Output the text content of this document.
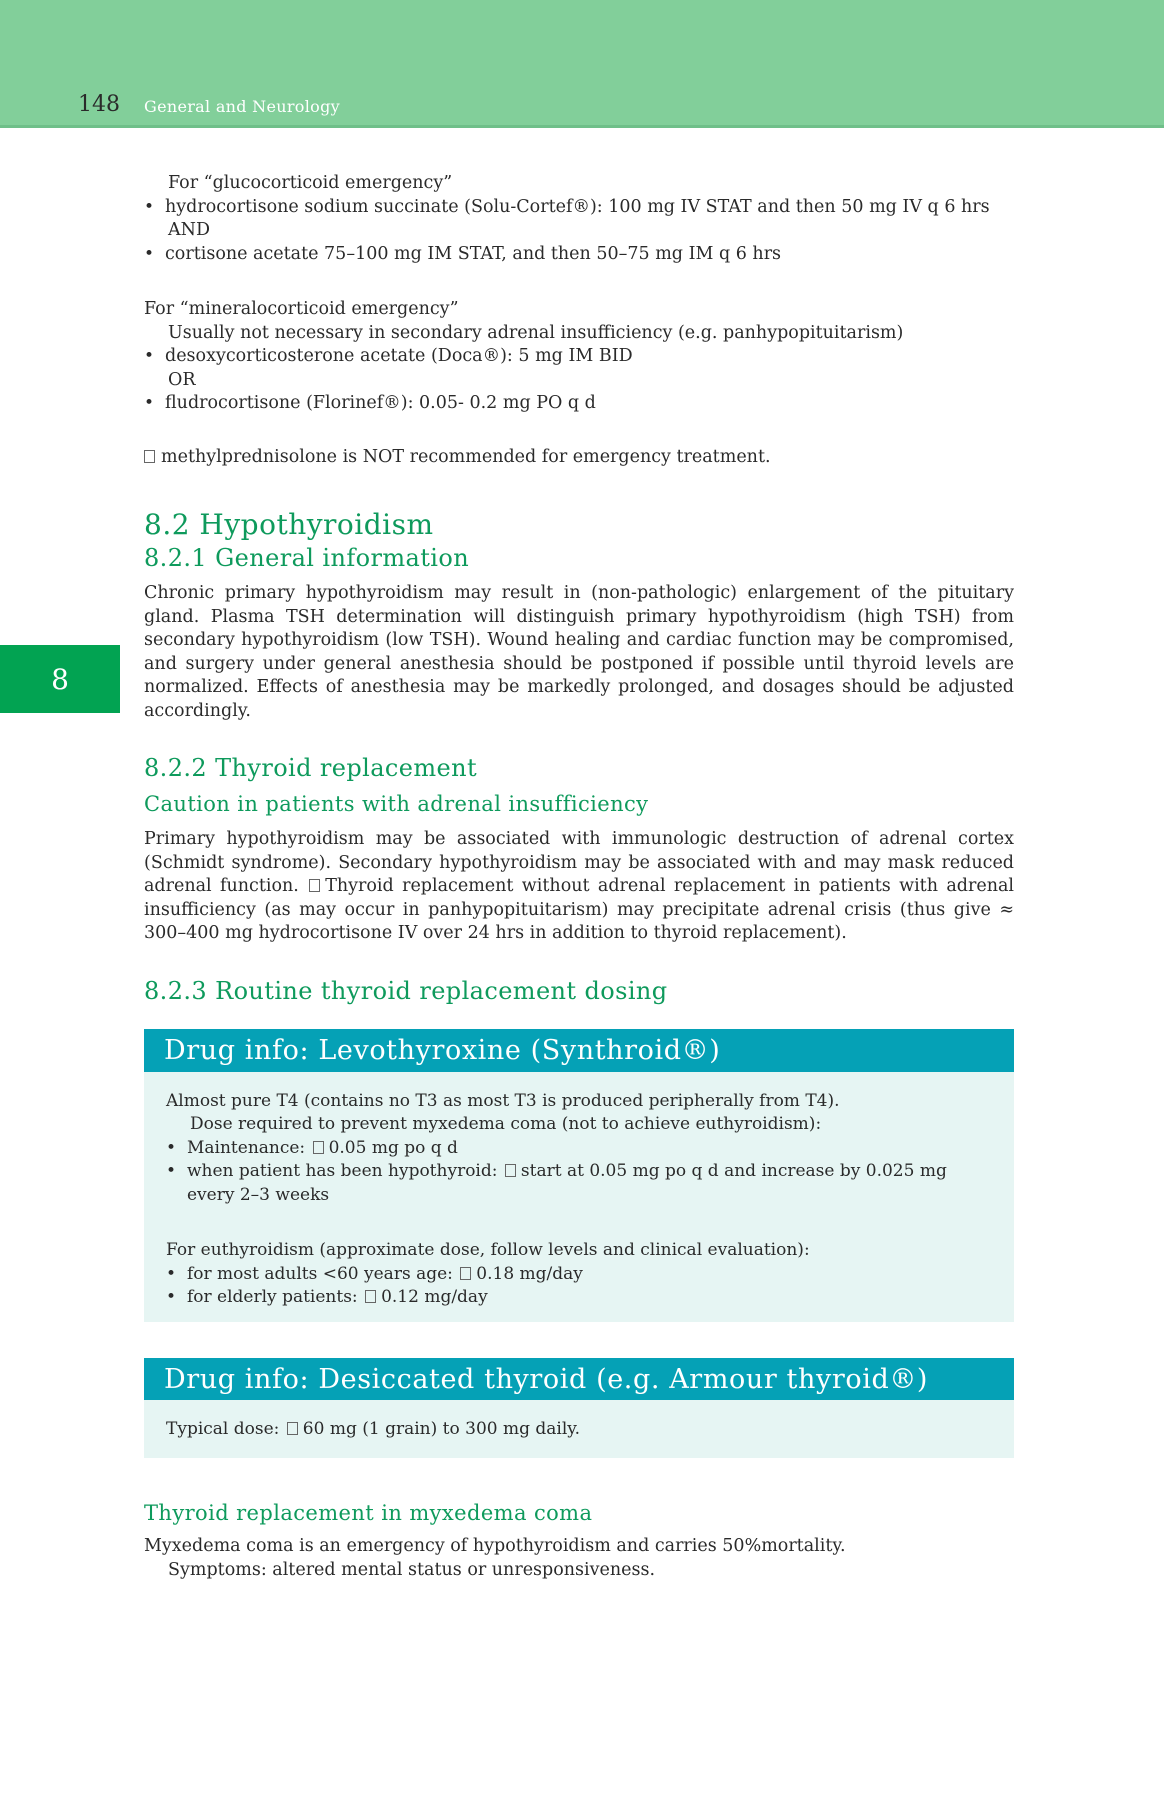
148 General and Neurology
8
For “glucocorticoid emergency”
• hydrocortisone sodium succinate (Solu-Cortef®): 100 mg IV STAT and then 50 mg IV q 6 hrs
AND
• cortisone acetate 75–100 mg IM STAT, and then 50–75 mg IM q 6 hrs
For “mineralocorticoid emergency”
Usually not necessary in secondary adrenal insufficiency (e.g. panhypopituitarism)
• desoxycorticosterone acetate (Doca®): 5 mg IM BID
OR
• fludrocortisone (Florinef®): 0.05- 0.2 mg PO q d
methylprednisolone is NOT recommended for emergency treatment.
8.2 Hypothyroidism
8.2.1 General information

Chronic primary hypothyroidism may result in (non-pathologic) enlargement of the pituitary gland. Plasma TSH determination will distinguish primary hypothyroidism (high TSH) from secondary hypothyroidism (low TSH). Wound healing and cardiac function may be compromised, and surgery under general anesthesia should be postponed if possible until thyroid levels are normalized. Effects of anesthesia may be markedly prolonged, and dosages should be adjusted accordingly.

8.2.2 Thyroid replacement
Caution in patients with adrenal insufficiency

Primary hypothyroidism may be associated with immunologic destruction of adrenal cortex (Schmidt syndrome). Secondary hypothyroidism may be associated with and may mask reduced adrenal function. Thyroid replacement without adrenal replacement in patients with adrenal insufficiency (as may occur in panhypopituitarism) may precipitate adrenal crisis (thus give ≈ 300–400 mg hydrocortisone IV over 24 hrs in addition to thyroid replacement).

8.2.3 Routine thyroid replacement dosing
Drug info: Levothyroxine (Synthroid®)
Almost pure T4 (contains no T3 as most T3 is produced peripherally from T4).
Dose required to prevent myxedema coma (not to achieve euthyroidism):
• Maintenance: 0.05 mg po q d
• when patient has been hypothyroid: start at 0.05 mg po q d and increase by 0.025 mg every 2–3 weeks
For euthyroidism (approximate dose, follow levels and clinical evaluation):
• for most adults <60 years age: 0.18 mg/day
• for elderly patients: 0.12 mg/day
Drug info: Desiccated thyroid (e.g. Armour thyroid®)
Typical dose: 60 mg (1 grain) to 300 mg daily.
Thyroid replacement in myxedema coma
Myxedema coma is an emergency of hypothyroidism and carries 50%mortality.
Symptoms: altered mental status or unresponsiveness.
